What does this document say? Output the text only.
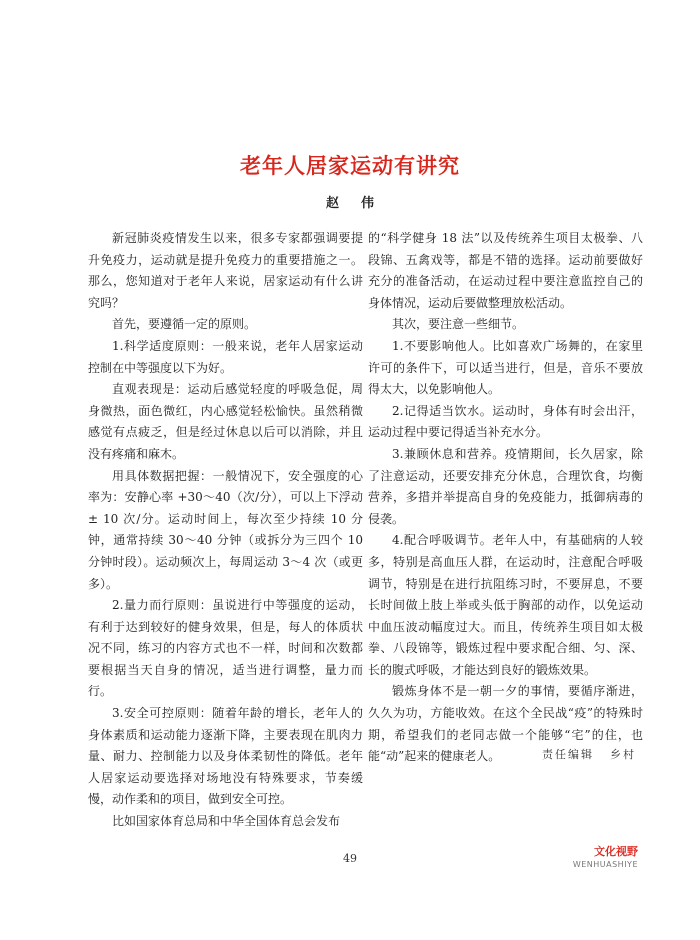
老年人居家运动有讲究
赵伟

新冠肺炎疫情发生以来，很多专家都强调要提升免疫力，运动就是提升免疫力的重要措施之一。那么，您知道对于老年人来说，居家运动有什么讲究吗？

首先，要遵循一定的原则。

1.科学适度原则：一般来说，老年人居家运动控制在中等强度以下为好。

直观表现是：运动后感觉轻度的呼吸急促，周身微热，面色微红，内心感觉轻松愉快。虽然稍微感觉有点疲乏，但是经过休息以后可以消除，并且没有疼痛和麻木。

用具体数据把握：一般情况下，安全强度的心率为：安静心率 +30～40（次/分），可以上下浮动 ± 10 次/分。运动时间上，每次至少持续 10 分钟，通常持续 30～40 分钟（或拆分为三四个 10 分钟时段）。运动频次上，每周运动 3～4 次（或更多）。

2.量力而行原则：虽说进行中等强度的运动，有利于达到较好的健身效果，但是，每人的体质状况不同，练习的内容方式也不一样，时间和次数都要根据当天自身的情况，适当进行调整，量力而行。

3.安全可控原则：随着年龄的增长，老年人的身体素质和运动能力逐渐下降，主要表现在肌肉力量、耐力、控制能力以及身体柔韧性的降低。老年人居家运动要选择对场地没有特殊要求，节奏缓慢，动作柔和的项目，做到安全可控。

比如国家体育总局和中华全国体育总会发布

的“科学健身 18 法”以及传统养生项目太极拳、八段锦、五禽戏等，都是不错的选择。运动前要做好充分的准备活动，在运动过程中要注意监控自己的身体情况，运动后要做整理放松活动。

其次，要注意一些细节。

1.不要影响他人。比如喜欢广场舞的，在家里许可的条件下，可以适当进行，但是，音乐不要放得太大，以免影响他人。

2.记得适当饮水。运动时，身体有时会出汗，运动过程中要记得适当补充水分。

3.兼顾休息和营养。疫情期间，长久居家，除了注意运动，还要安排充分休息，合理饮食，均衡营养，多措并举提高自身的免疫能力，抵御病毒的侵袭。

4.配合呼吸调节。老年人中，有基础病的人较多，特别是高血压人群，在运动时，注意配合呼吸调节，特别是在进行抗阻练习时，不要屏息，不要长时间做上肢上举或头低于胸部的动作，以免运动中血压波动幅度过大。而且，传统养生项目如太极拳、八段锦等，锻炼过程中要求配合细、匀、深、长的腹式呼吸，才能达到良好的锻炼效果。

锻炼身体不是一朝一夕的事情，要循序渐进，久久为功，方能收效。在这个全民战“疫”的特殊时期，希望我们的老同志做一个能够“宅”的住，也能“动”起来的健康老人。	责任编辑 乡村
49
文化视野
WENHUASHIYE
